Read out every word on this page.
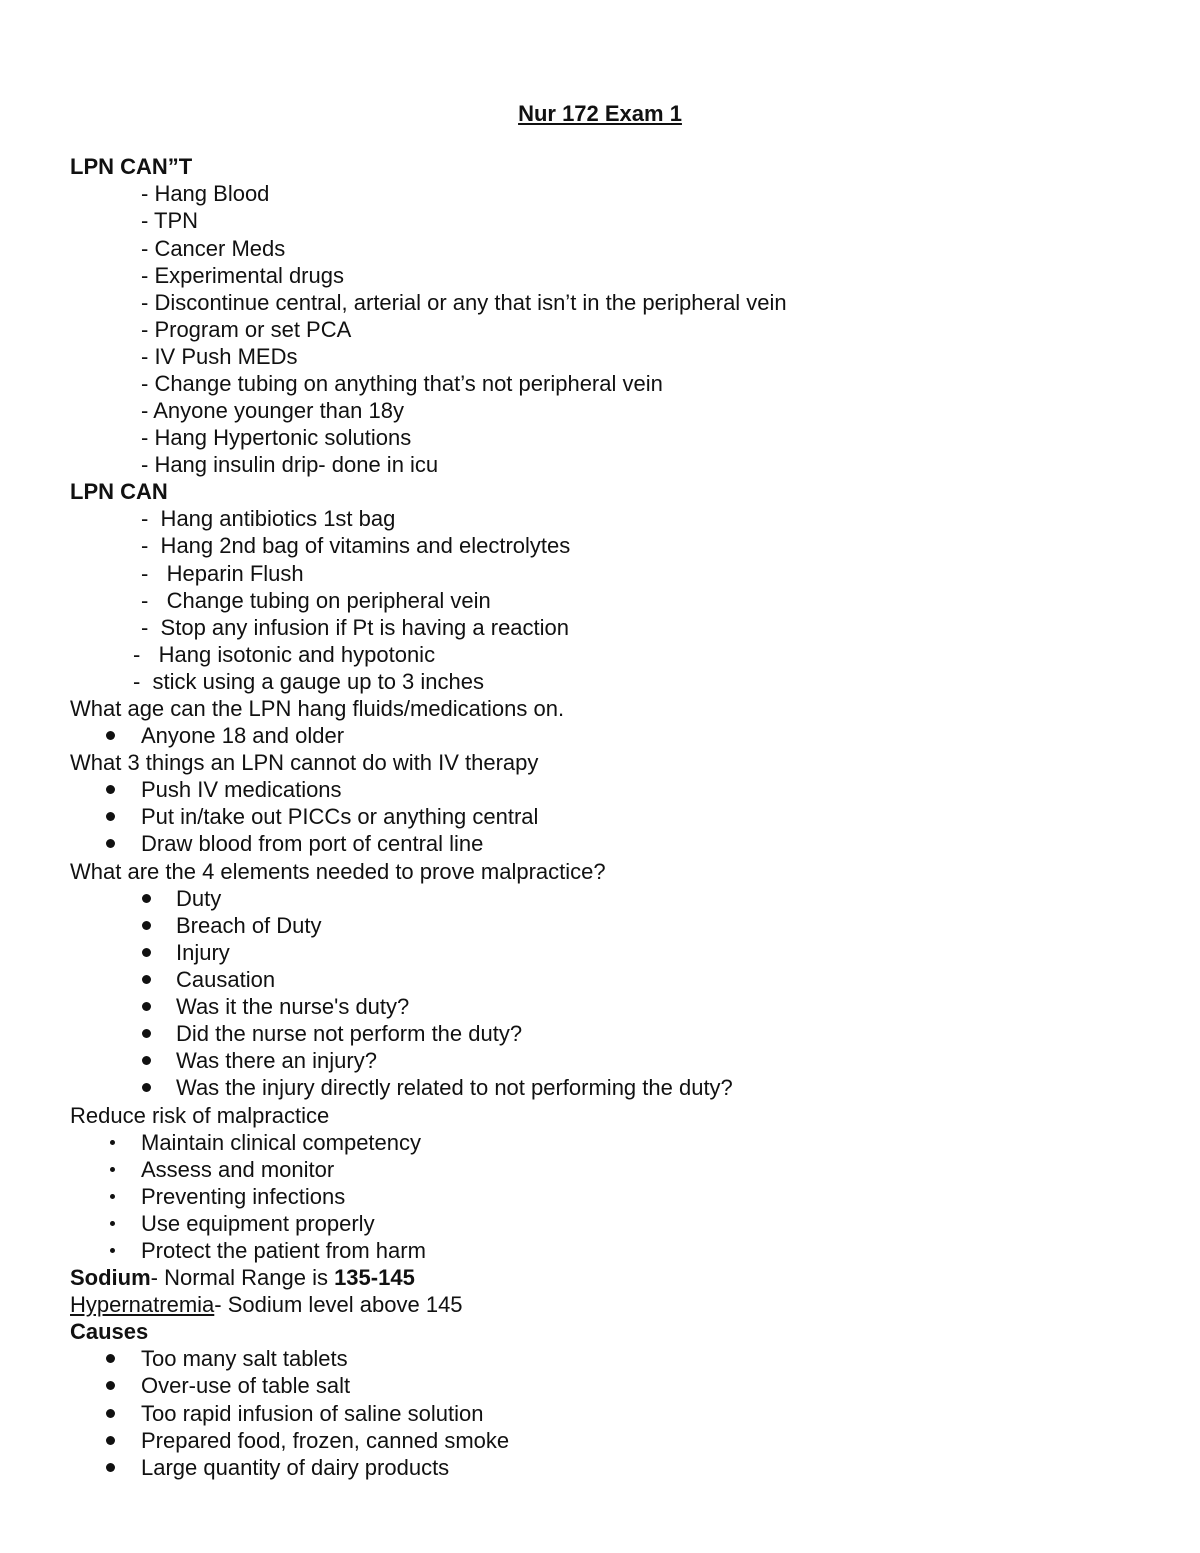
Nur 172 Exam 1
LPN CAN”T
- Hang Blood
- TPN
- Cancer Meds
- Experimental drugs
- Discontinue central, arterial or any that isn’t in the peripheral vein
- Program or set PCA
- IV Push MEDs
- Change tubing on anything that’s not peripheral vein
- Anyone younger than 18y
- Hang Hypertonic solutions
- Hang insulin drip- done in icu
LPN CAN
-  Hang antibiotics 1st bag
-  Hang 2nd bag of vitamins and electrolytes
-   Heparin Flush
-   Change tubing on peripheral vein
-  Stop any infusion if Pt is having a reaction
-   Hang isotonic and hypotonic
-  stick using a gauge up to 3 inches
What age can the LPN hang fluids/medications on.
Anyone 18 and older
What 3 things an LPN cannot do with IV therapy
Push IV medications
Put in/take out PICCs or anything central
Draw blood from port of central line
What are the 4 elements needed to prove malpractice?
Duty
Breach of Duty
Injury
Causation
Was it the nurse's duty?
Did the nurse not perform the duty?
Was there an injury?
Was the injury directly related to not performing the duty?
Reduce risk of malpractice
Maintain clinical competency
Assess and monitor
Preventing infections
Use equipment properly
Protect the patient from harm
Sodium- Normal Range is 135-145
Hypernatremia- Sodium level above 145
Causes
Too many salt tablets
Over-use of table salt
Too rapid infusion of saline solution
Prepared food, frozen, canned smoke
Large quantity of dairy products
